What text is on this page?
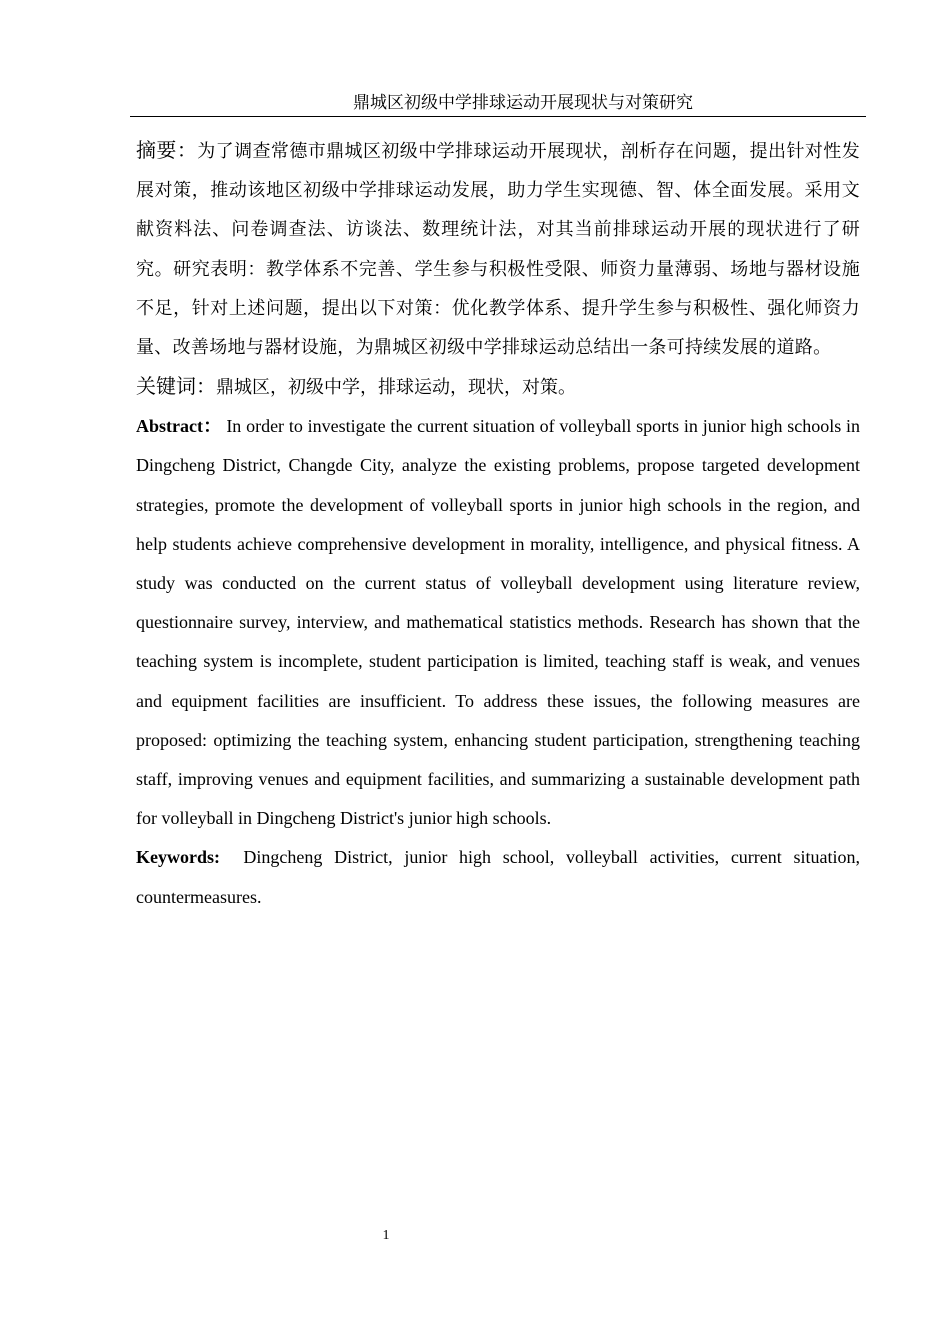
鼎城区初级中学排球运动开展现状与对策研究

摘要：为了调查常德市鼎城区初级中学排球运动开展现状，剖析存在问题，提出针对性发展对策，推动该地区初级中学排球运动发展，助力学生实现德、智、体全面发展。采用文献资料法、问卷调查法、访谈法、数理统计法，对其当前排球运动开展的现状进行了研究。研究表明：教学体系不完善、学生参与积极性受限、师资力量薄弱、场地与器材设施不足，针对上述问题，提出以下对策：优化教学体系、提升学生参与积极性、强化师资力量、改善场地与器材设施，为鼎城区初级中学排球运动总结出一条可持续发展的道路。

关键词：鼎城区，初级中学，排球运动，现状，对策。

Abstract： In order to investigate the current situation of volleyball sports in junior high schools in Dingcheng District, Changde City, analyze the existing problems, propose targeted development strategies, promote the development of volleyball sports in junior high schools in the region, and help students achieve comprehensive development in morality, intelligence, and physical fitness. A study was conducted on the current status of volleyball development using literature review, questionnaire survey, interview, and mathematical statistics methods. Research has shown that the teaching system is incomplete, student participation is limited, teaching staff is weak, and venues and equipment facilities are insufficient. To address these issues, the following measures are proposed: optimizing the teaching system, enhancing student participation, strengthening teaching staff, improving venues and equipment facilities, and summarizing a sustainable development path for volleyball in Dingcheng District's junior high schools.

Keywords: Dingcheng District, junior high school, volleyball activities, current situation, countermeasures.

1
